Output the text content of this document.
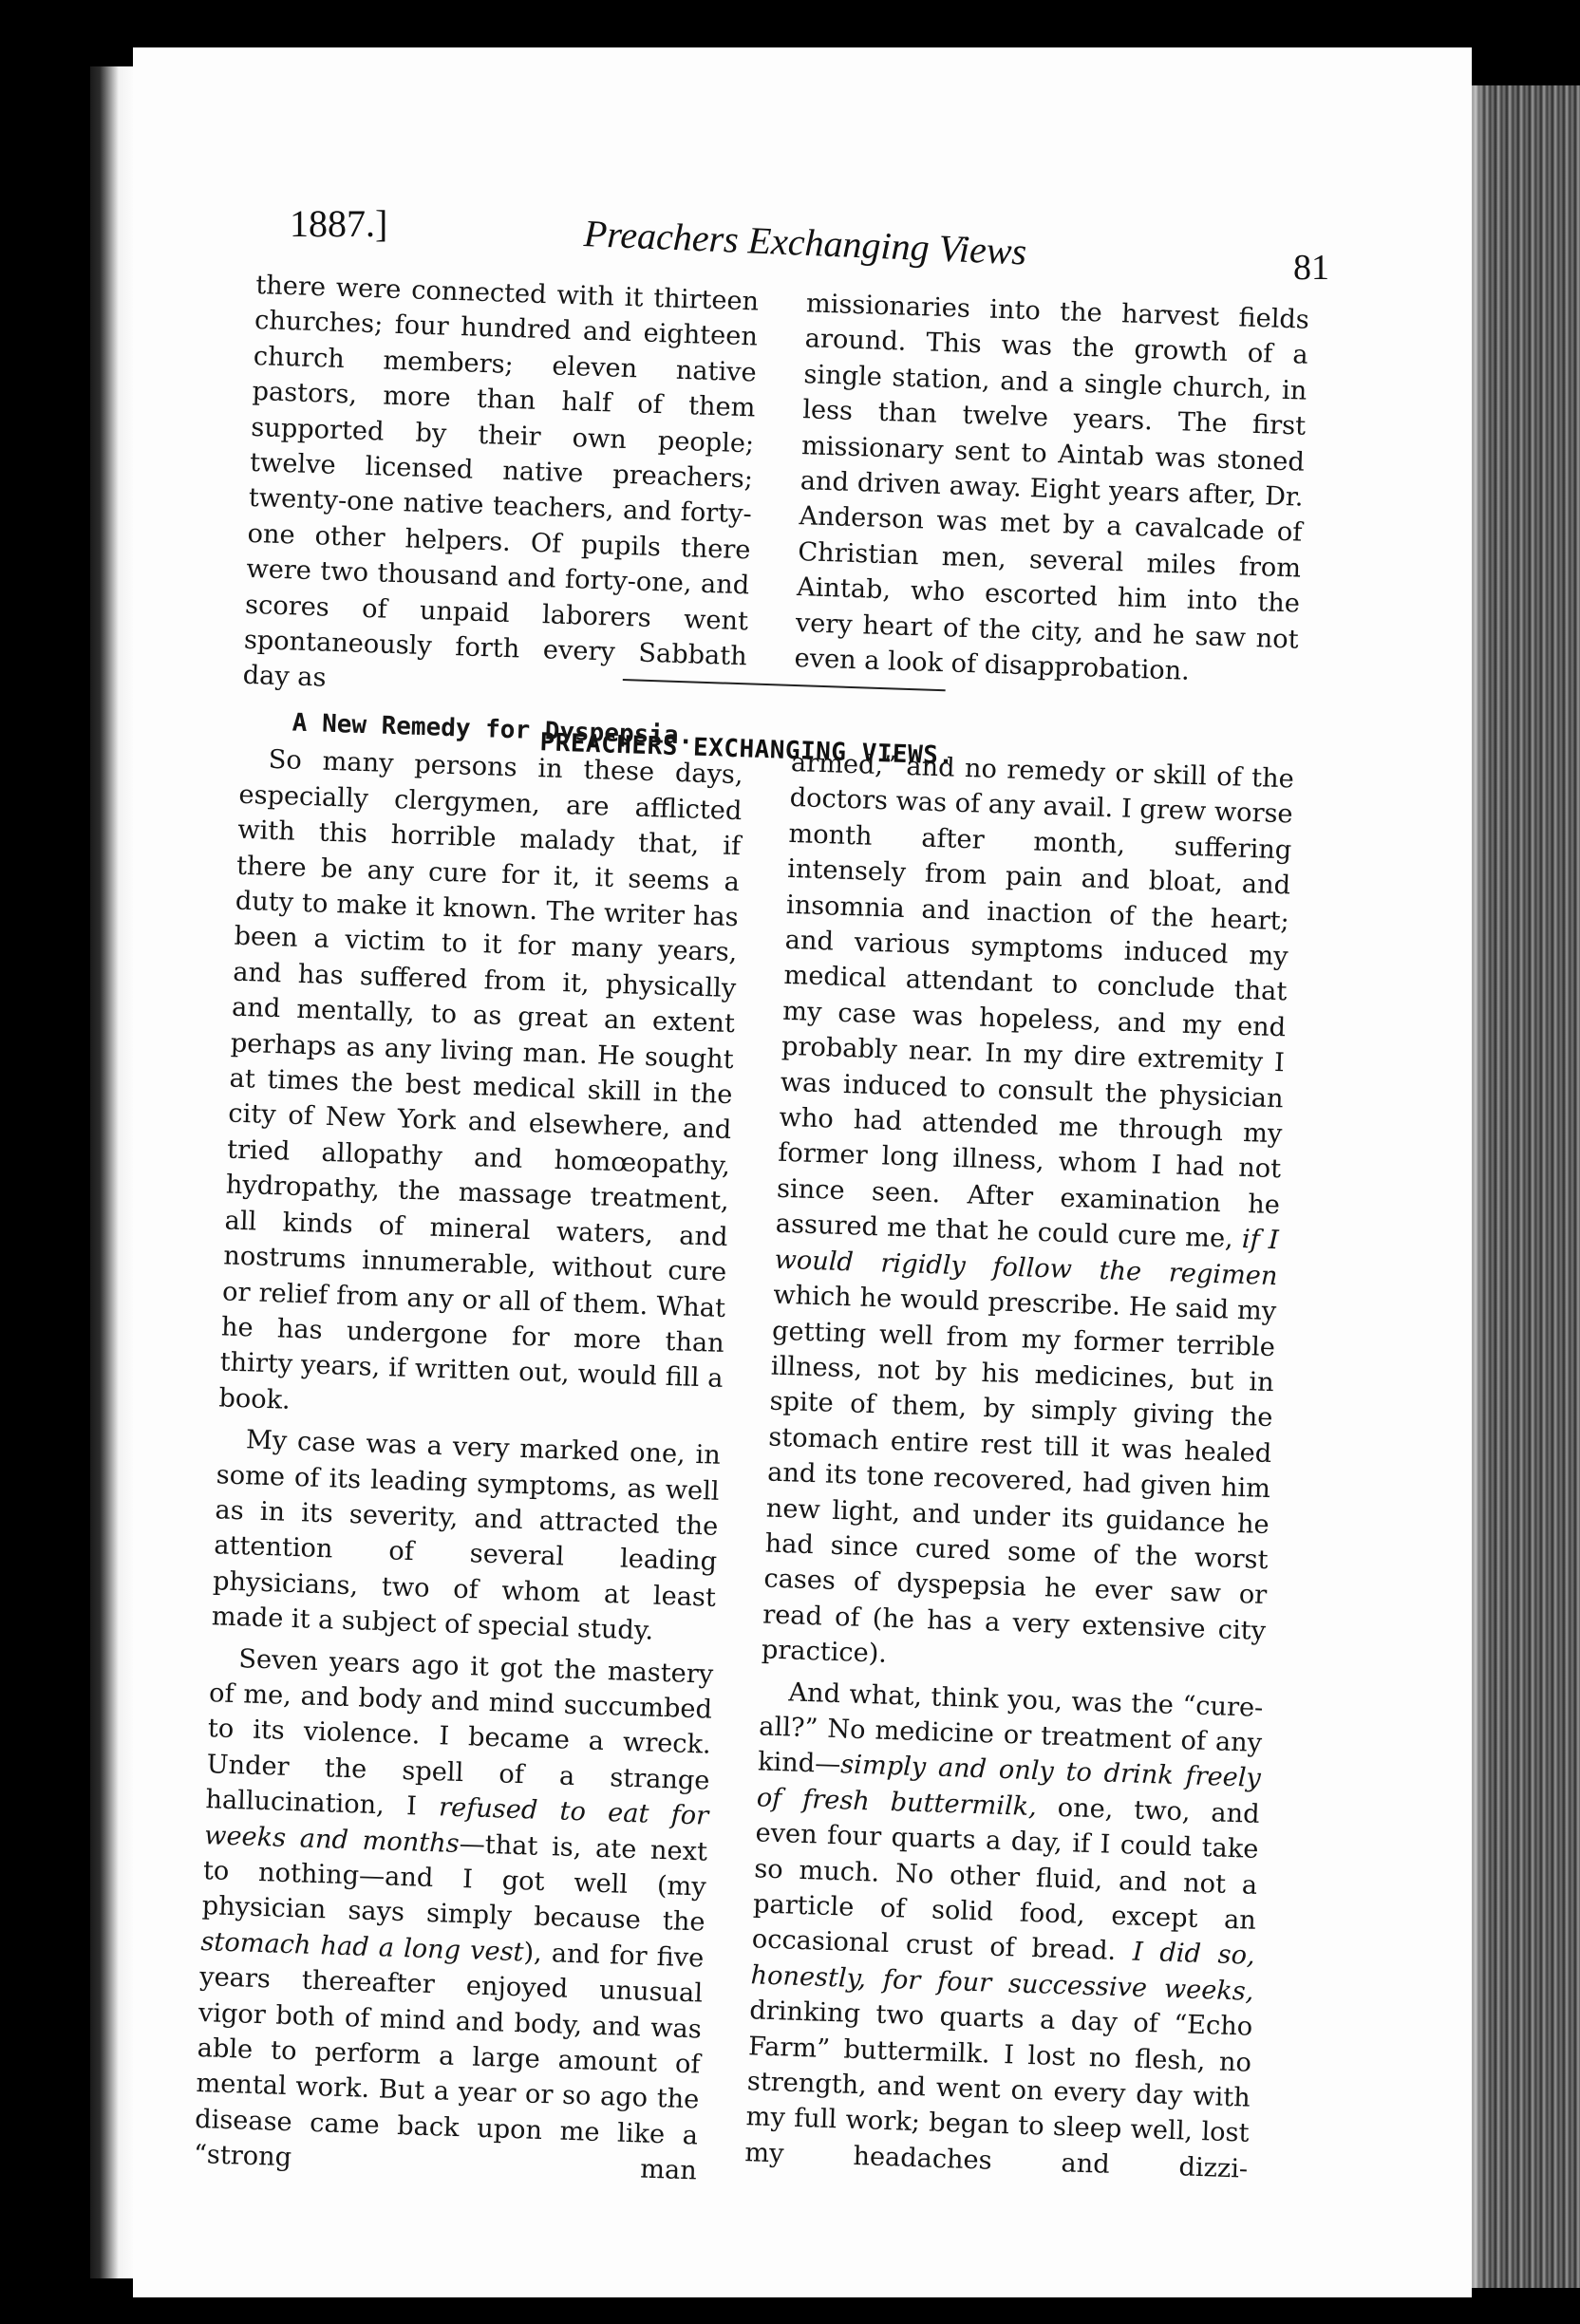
1887.]	Preachers Exchanging Views	81

there were connected with it thirteen churches; four hundred and eighteen church members; eleven native pastors, more than half of them supported by their own people; twelve licensed native preachers; twenty-one native teachers, and forty-one other helpers. Of pupils there were two thousand and forty-one, and scores of unpaid laborers went spontaneously forth every Sabbath day as

missionaries into the harvest fields around. This was the growth of a single station, and a single church, in less than twelve years. The first missionary sent to Aintab was stoned and driven away. Eight years after, Dr. Anderson was met by a cavalcade of Christian men, several miles from Aintab, who escorted him into the very heart of the city, and he saw not even a look of disapprobation.

PREACHERS EXCHANGING VIEWS.
A New Remedy for Dyspepsia.

So many persons in these days, especially clergymen, are afflicted with this horrible malady that, if there be any cure for it, it seems a duty to make it known. The writer has been a victim to it for many years, and has suffered from it, physically and mentally, to as great an extent perhaps as any living man. He sought at times the best medical skill in the city of New York and elsewhere, and tried allopathy and homœopathy, hydropathy, the massage treatment, all kinds of mineral waters, and nostrums innumerable, without cure or relief from any or all of them. What he has undergone for more than thirty years, if written out, would fill a book.

My case was a very marked one, in some of its leading symptoms, as well as in its severity, and attracted the attention of several leading physicians, two of whom at least made it a subject of special study.

Seven years ago it got the mastery of me, and body and mind succumbed to its violence. I became a wreck. Under the spell of a strange hallucination, I refused to eat for weeks and months—that is, ate next to nothing—and I got well (my physician says simply because the stomach had a long vest), and for five years thereafter enjoyed unusual vigor both of mind and body, and was able to perform a large amount of mental work. But a year or so ago the disease came back upon me like a “strong man

armed,” and no remedy or skill of the doctors was of any avail. I grew worse month after month, suffering intensely from pain and bloat, and insomnia and inaction of the heart; and various symptoms induced my medical attendant to conclude that my case was hopeless, and my end probably near. In my dire extremity I was induced to consult the physician who had attended me through my former long illness, whom I had not since seen. After examination he assured me that he could cure me, if I would rigidly follow the regimen which he would prescribe. He said my getting well from my former terrible illness, not by his medicines, but in spite of them, by simply giving the stomach entire rest till it was healed and its tone recovered, had given him new light, and under its guidance he had since cured some of the worst cases of dyspepsia he ever saw or read of (he has a very extensive city practice).

And what, think you, was the “cure-all?” No medicine or treatment of any kind—simply and only to drink freely of fresh buttermilk, one, two, and even four quarts a day, if I could take so much. No other fluid, and not a particle of solid food, except an occasional crust of bread. I did so, honestly, for four successive weeks, drinking two quarts a day of “Echo Farm” buttermilk. I lost no flesh, no strength, and went on every day with my full work; began to sleep well, lost my headaches and dizzi-
